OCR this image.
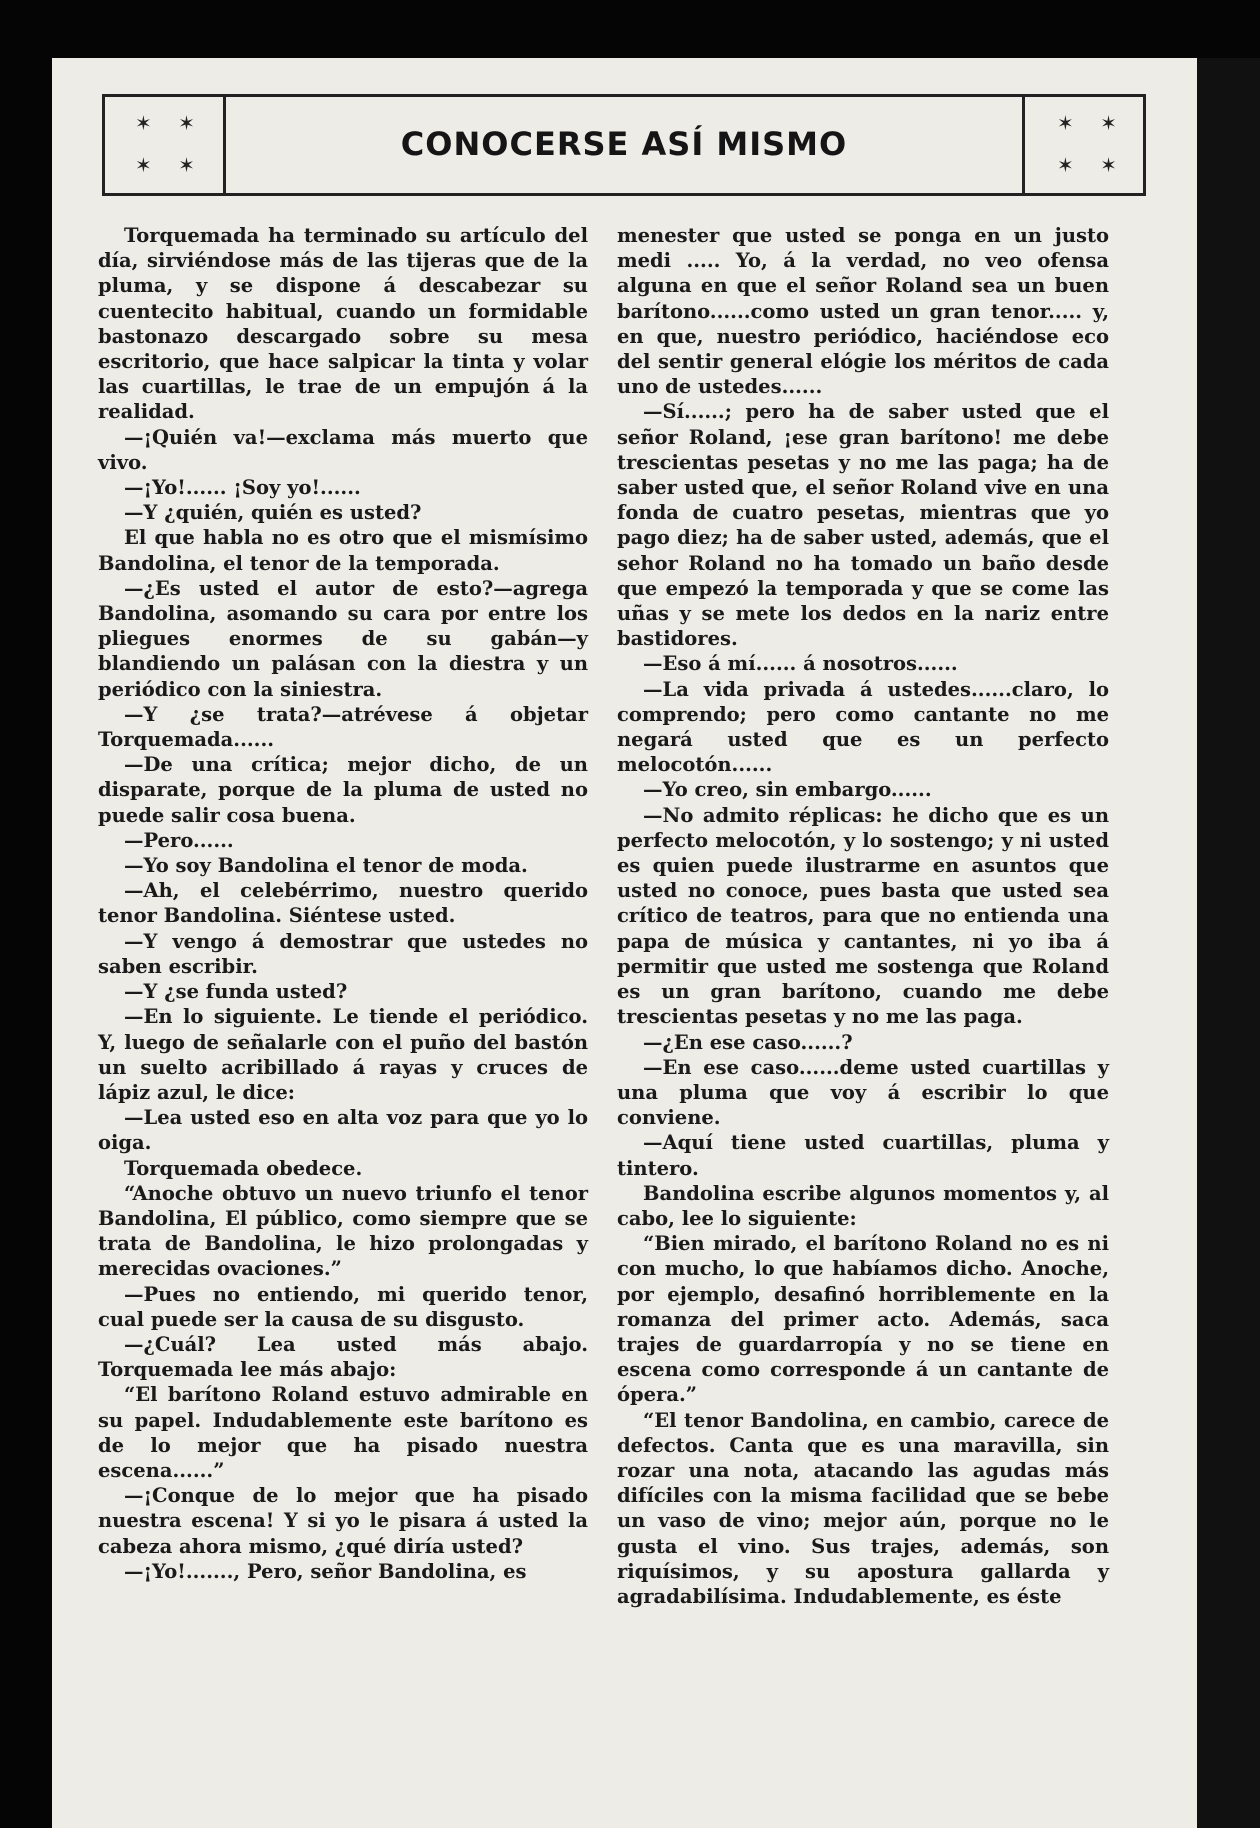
✶ ✶
✶ ✶
CONOCERSE ASÍ MISMO
✶ ✶
✶ ✶

Torquemada ha terminado su artículo del día, sirviéndose más de las tijeras que de la pluma, y se dispone á descabezar su cuentecito habitual, cuando un formidable bastonazo descargado sobre su mesa escritorio, que hace salpicar la tinta y volar las cuartillas, le trae de un empujón á la realidad.

—¡Quién va!—exclama más muerto que vivo.

—¡Yo!...... ¡Soy yo!......

—Y ¿quién, quién es usted?

El que habla no es otro que el mismísimo Bandolina, el tenor de la temporada.

—¿Es usted el autor de esto?—agrega Bandolina, asomando su cara por entre los pliegues enormes de su gabán—y blandiendo un palásan con la diestra y un periódico con la siniestra.

—Y ¿se trata?—atrévese á objetar Torquemada......

—De una crítica; mejor dicho, de un disparate, porque de la pluma de usted no puede salir cosa buena.

—Pero......

—Yo soy Bandolina el tenor de moda.

—Ah, el celebérrimo, nuestro querido tenor Bandolina. Siéntese usted.

—Y vengo á demostrar que ustedes no saben escribir.

—Y ¿se funda usted?

—En lo siguiente. Le tiende el periódico. Y, luego de señalarle con el puño del bastón un suelto acribillado á rayas y cruces de lápiz azul, le dice:

—Lea usted eso en alta voz para que yo lo oiga.

Torquemada obedece.

“Anoche obtuvo un nuevo triunfo el tenor Bandolina, El público, como siempre que se trata de Bandolina, le hizo prolongadas y merecidas ovaciones.”

—Pues no entiendo, mi querido tenor, cual puede ser la causa de su disgusto.

—¿Cuál? Lea usted más abajo. Torquemada lee más abajo:

“El barítono Roland estuvo admirable en su papel. Indudablemente este barítono es de lo mejor que ha pisado nuestra escena......”

—¡Conque de lo mejor que ha pisado nuestra escena! Y si yo le pisara á usted la cabeza ahora mismo, ¿qué diría usted?

—¡Yo!......., Pero, señor Bandolina, es

menester que usted se ponga en un justo medi ..... Yo, á la verdad, no veo ofensa alguna en que el señor Roland sea un buen barítono......como usted un gran tenor..... y, en que, nuestro periódico, haciéndose eco del sentir general elógie los méritos de cada uno de ustedes......

—Sí......; pero ha de saber usted que el señor Roland, ¡ese gran barítono! me debe trescientas pesetas y no me las paga; ha de saber usted que, el señor Roland vive en una fonda de cuatro pesetas, mientras que yo pago diez; ha de saber usted, además, que el sehor Roland no ha tomado un baño desde que empezó la temporada y que se come las uñas y se mete los dedos en la nariz entre bastidores.

—Eso á mí...... á nosotros......

—La vida privada á ustedes......claro, lo comprendo; pero como cantante no me negará usted que es un perfecto melocotón......

—Yo creo, sin embargo......

—No admito réplicas: he dicho que es un perfecto melocotón, y lo sostengo; y ni usted es quien puede ilustrarme en asuntos que usted no conoce, pues basta que usted sea crítico de teatros, para que no entienda una papa de música y cantantes, ni yo iba á permitir que usted me sostenga que Roland es un gran barítono, cuando me debe trescientas pesetas y no me las paga.

—¿En ese caso......?

—En ese caso......deme usted cuartillas y una pluma que voy á escribir lo que conviene.

—Aquí tiene usted cuartillas, pluma y tintero.

Bandolina escribe algunos momentos y, al cabo, lee lo siguiente:

“Bien mirado, el barítono Roland no es ni con mucho, lo que habíamos dicho. Anoche, por ejemplo, desafinó horriblemente en la romanza del primer acto. Además, saca trajes de guardarropía y no se tiene en escena como corresponde á un cantante de ópera.”

“El tenor Bandolina, en cambio, carece de defectos. Canta que es una maravilla, sin rozar una nota, atacando las agudas más difíciles con la misma facilidad que se bebe un vaso de vino; mejor aún, porque no le gusta el vino. Sus trajes, además, son riquísimos, y su apostura gallarda y agradabilísima. Indudablemente, es éste
